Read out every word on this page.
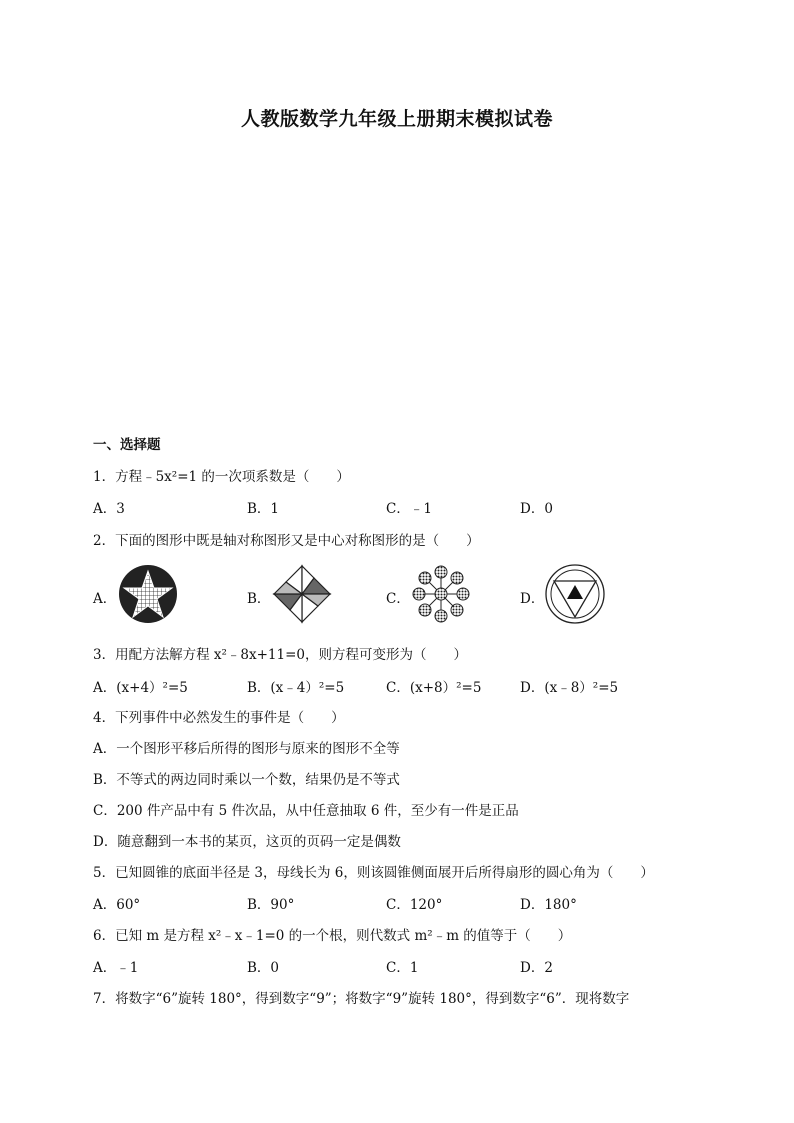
人教版数学九年级上册期末模拟试卷
一、选择题
1．方程﹣5x²=1 的一次项系数是（　　）
A．3	B．1	C．﹣1	D．0
2．下面的图形中既是轴对称图形又是中心对称图形的是（　　）
A．	B．	C．	D．
3．用配方法解方程 x²﹣8x+11=0，则方程可变形为（　　）
A．(x+4）²=5	B．(x﹣4）²=5	C．(x+8）²=5	D．(x﹣8）²=5
4．下列事件中必然发生的事件是（　　）
A．一个图形平移后所得的图形与原来的图形不全等
B．不等式的两边同时乘以一个数，结果仍是不等式
C．200 件产品中有 5 件次品，从中任意抽取 6 件，至少有一件是正品
D．随意翻到一本书的某页，这页的页码一定是偶数
5．已知圆锥的底面半径是 3，母线长为 6，则该圆锥侧面展开后所得扇形的圆心角为（　　）
A．60°	B．90°	C．120°	D．180°
6．已知 m 是方程 x²﹣x﹣1=0 的一个根，则代数式 m²﹣m 的值等于（　　）
A．﹣1	B．0	C．1	D．2
7．将数字“6”旋转 180°，得到数字“9”；将数字“9”旋转 180°，得到数字“6”．现将数字
